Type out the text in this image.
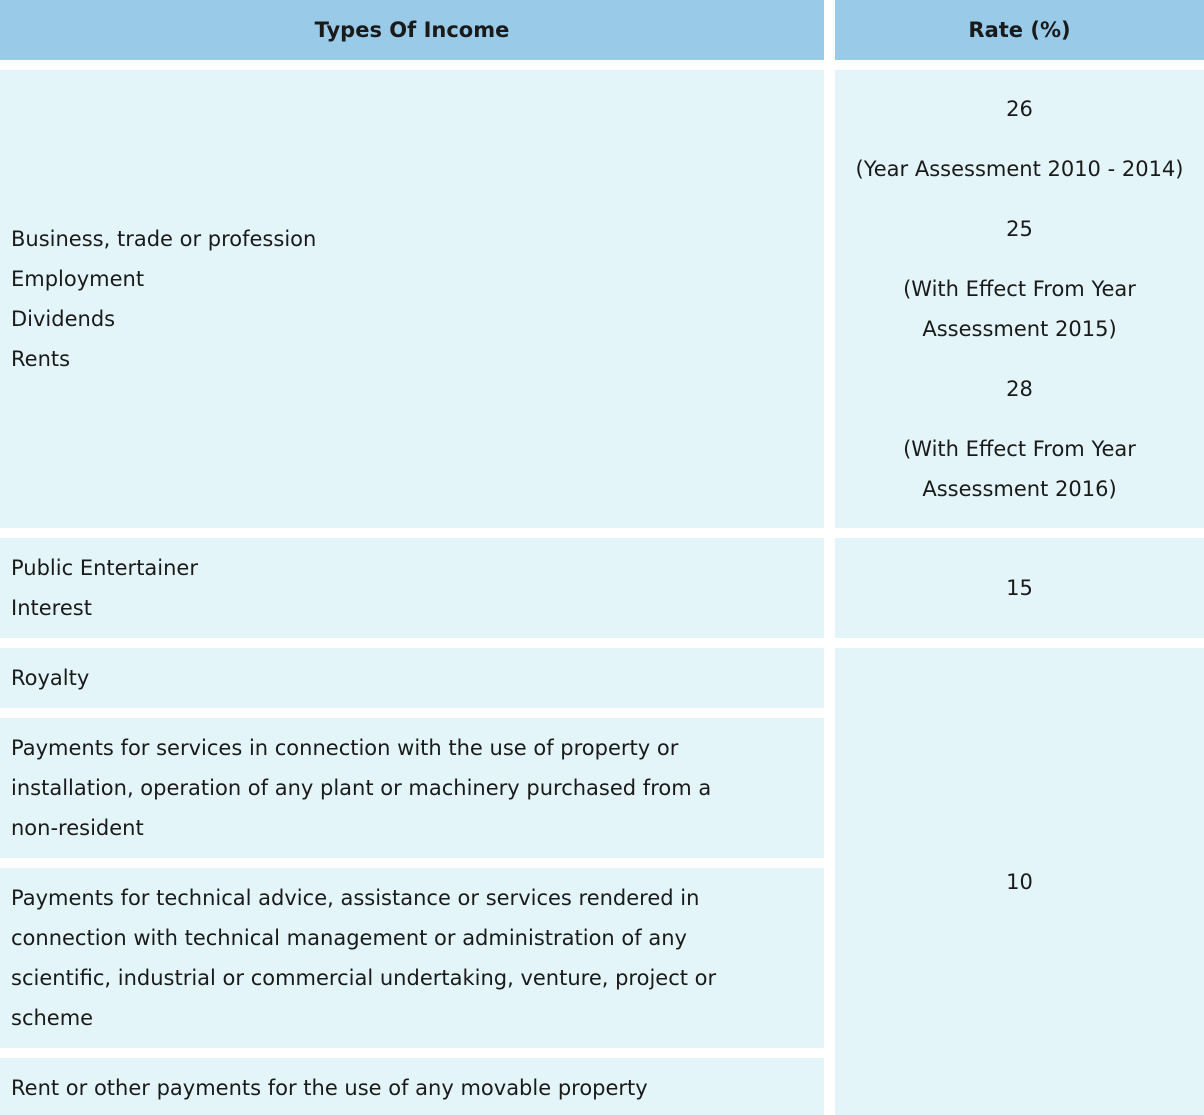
Types Of Income	Rate (%)
Business, trade or profession
Employment
Dividends
Rents
26
(Year Assessment 2010 - 2014)
25
(With Effect From Year
Assessment 2015)
28
(With Effect From Year
Assessment 2016)
Public Entertainer
Interest
15
Royalty
Payments for services in connection with the use of property or
installation, operation of any plant or machinery purchased from a
non-resident
Payments for technical advice, assistance or services rendered in
connection with technical management or administration of any
scientific, industrial or commercial undertaking, venture, project or
scheme
Rent or other payments for the use of any movable property
10
